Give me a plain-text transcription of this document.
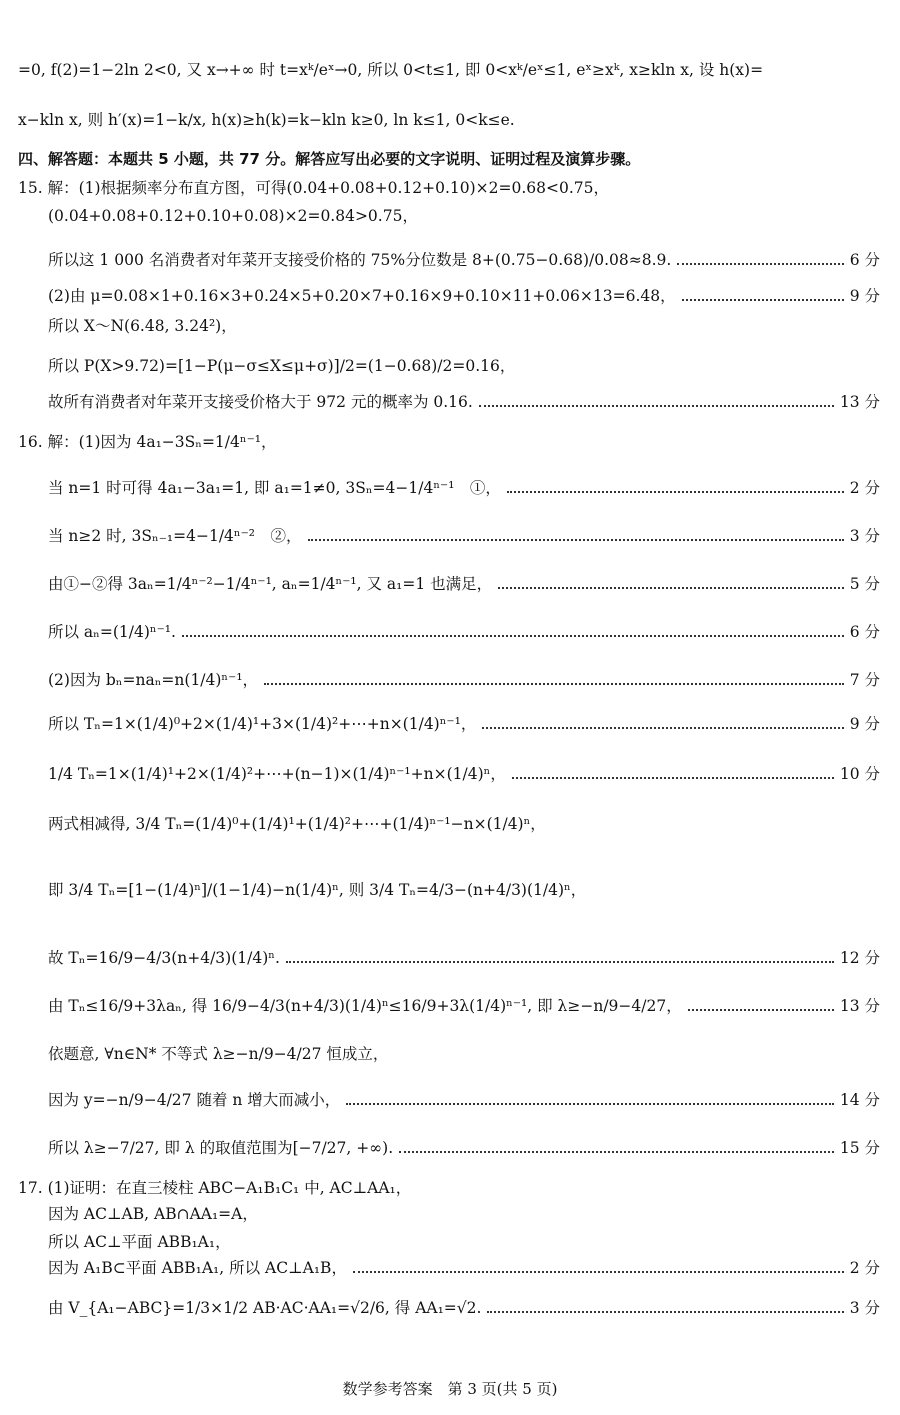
=0, f(2)=1−2ln 2<0, 又 x→+∞ 时 t=xᵏ/eˣ→0, 所以 0<t≤1, 即 0<xᵏ/eˣ≤1, eˣ≥xᵏ, x≥kln x, 设 h(x)=
x−kln x, 则 h′(x)=1−k/x, h(x)≥h(k)=k−kln k≥0, ln k≤1, 0<k≤e.
四、解答题：本题共 5 小题，共 77 分。解答应写出必要的文字说明、证明过程及演算步骤。
15. 解：(1)根据频率分布直方图，可得(0.04+0.08+0.12+0.10)×2=0.68<0.75，
(0.04+0.08+0.12+0.10+0.08)×2=0.84>0.75，
所以这 1 000 名消费者对年菜开支接受价格的 75%分位数是 8+(0.75−0.68)/0.08≈8.9.	6 分
(2)由 μ=0.08×1+0.16×3+0.24×5+0.20×7+0.16×9+0.10×11+0.06×13=6.48，	9 分
所以 X～N(6.48, 3.24²)，
所以 P(X>9.72)=[1−P(μ−σ≤X≤μ+σ)]/2=(1−0.68)/2=0.16，
故所有消费者对年菜开支接受价格大于 972 元的概率为 0.16.	13 分
16. 解：(1)因为 4a₁−3Sₙ=1/4ⁿ⁻¹，
当 n=1 时可得 4a₁−3a₁=1, 即 a₁=1≠0, 3Sₙ=4−1/4ⁿ⁻¹　①，	2 分
当 n≥2 时, 3Sₙ₋₁=4−1/4ⁿ⁻²　②，	3 分
由①−②得 3aₙ=1/4ⁿ⁻²−1/4ⁿ⁻¹, aₙ=1/4ⁿ⁻¹, 又 a₁=1 也满足，	5 分
所以 aₙ=(1/4)ⁿ⁻¹.	6 分
(2)因为 bₙ=naₙ=n(1/4)ⁿ⁻¹，	7 分
所以 Tₙ=1×(1/4)⁰+2×(1/4)¹+3×(1/4)²+⋯+n×(1/4)ⁿ⁻¹，	9 分
1/4 Tₙ=1×(1/4)¹+2×(1/4)²+⋯+(n−1)×(1/4)ⁿ⁻¹+n×(1/4)ⁿ，	10 分
两式相减得, 3/4 Tₙ=(1/4)⁰+(1/4)¹+(1/4)²+⋯+(1/4)ⁿ⁻¹−n×(1/4)ⁿ，
即 3/4 Tₙ=[1−(1/4)ⁿ]/(1−1/4)−n(1/4)ⁿ, 则 3/4 Tₙ=4/3−(n+4/3)(1/4)ⁿ，
故 Tₙ=16/9−4/3(n+4/3)(1/4)ⁿ.	12 分
由 Tₙ≤16/9+3λaₙ, 得 16/9−4/3(n+4/3)(1/4)ⁿ≤16/9+3λ(1/4)ⁿ⁻¹, 即 λ≥−n/9−4/27，	13 分
依题意, ∀n∈N* 不等式 λ≥−n/9−4/27 恒成立，
因为 y=−n/9−4/27 随着 n 增大而减小，	14 分
所以 λ≥−7/27, 即 λ 的取值范围为[−7/27, +∞).	15 分
17. (1)证明：在直三棱柱 ABC−A₁B₁C₁ 中, AC⊥AA₁，
因为 AC⊥AB, AB∩AA₁=A，
所以 AC⊥平面 ABB₁A₁，
因为 A₁B⊂平面 ABB₁A₁, 所以 AC⊥A₁B，	2 分
由 V_{A₁−ABC}=1/3×1/2 AB·AC·AA₁=√2/6, 得 AA₁=√2.	3 分
数学参考答案　第 3 页(共 5 页)
